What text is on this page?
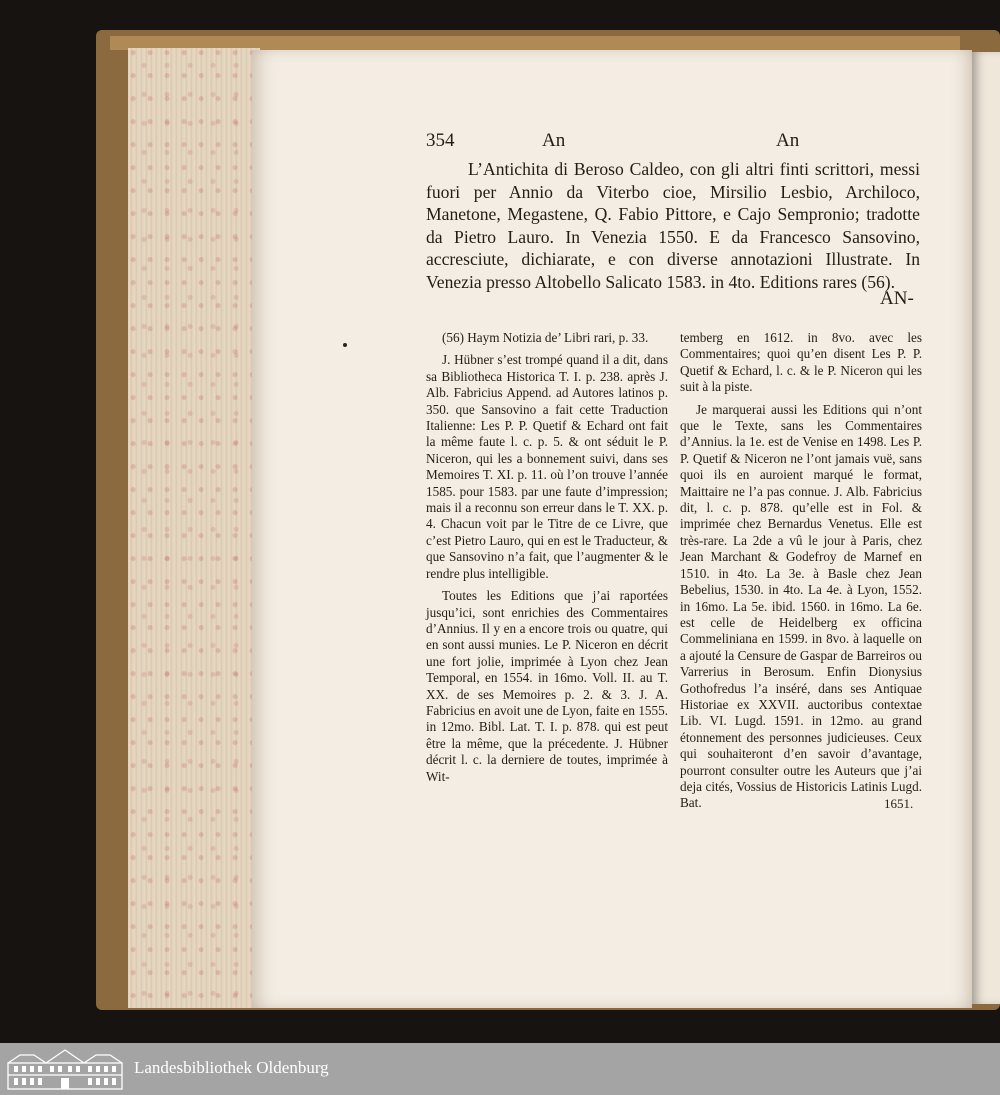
354	An	An

L’Antichita di Beroso Caldeo, con gli altri finti scrittori, messi fuori per Annio da Viterbo cioe, Mirsilio Lesbio, Archiloco, Manetone, Megastene, Q. Fabio Pittore, e Cajo Sempronio; tradotte da Pietro Lauro. In Venezia 1550. E da Francesco Sansovino, accresciute, dichiarate, e con diverse annotazioni Illustrate. In Venezia presso Altobello Salicato 1583. in 4to. Editions rares (56).

AN-

(56) Haym Notizia de’ Libri rari, p. 33.

J. Hübner s’est trompé quand il a dit, dans sa Bibliotheca Historica T. I. p. 238. après J. Alb. Fabricius Append. ad Autores latinos p. 350. que Sansovino a fait cette Traduction Italienne: Les P. P. Quetif & Echard ont fait la même faute l. c. p. 5. & ont séduit le P. Niceron, qui les a bonnement suivi, dans ses Memoires T. XI. p. 11. où l’on trouve l’année 1585. pour 1583. par une faute d’impression; mais il a reconnu son erreur dans le T. XX. p. 4. Chacun voit par le Titre de ce Livre, que c’est Pietro Lauro, qui en est le Traducteur, & que Sansovino n’a fait, que l’augmenter & le rendre plus intelligible.

Toutes les Editions que j’ai raportées jusqu’ici, sont enrichies des Commentaires d’Annius. Il y en a encore trois ou quatre, qui en sont aussi munies. Le P. Niceron en décrit une fort jolie, imprimée à Lyon chez Jean Temporal, en 1554. in 16mo. Voll. II. au T. XX. de ses Memoires p. 2. & 3. J. A. Fabricius en avoit une de Lyon, faite en 1555. in 12mo. Bibl. Lat. T. I. p. 878. qui est peut être la même, que la précedente. J. Hübner décrit l. c. la derniere de toutes, imprimée à Wit-

temberg en 1612. in 8vo. avec les Commentaires; quoi qu’en disent Les P. P. Quetif & Echard, l. c. & le P. Niceron qui les suit à la piste.

Je marquerai aussi les Editions qui n’ont que le Texte, sans les Commentaires d’Annius. la 1e. est de Venise en 1498. Les P. P. Quetif & Niceron ne l’ont jamais vuë, sans quoi ils en auroient marqué le format, Maittaire ne l’a pas connue. J. Alb. Fabricius dit, l. c. p. 878. qu’elle est in Fol. & imprimée chez Bernardus Venetus. Elle est très-rare. La 2de a vû le jour à Paris, chez Jean Marchant & Godefroy de Marnef en 1510. in 4to. La 3e. à Basle chez Jean Bebelius, 1530. in 4to. La 4e. à Lyon, 1552. in 16mo. La 5e. ibid. 1560. in 16mo. La 6e. est celle de Heidelberg ex officina Commeliniana en 1599. in 8vo. à laquelle on a ajouté la Censure de Gaspar de Barreiros ou Varrerius in Berosum. Enfin Dionysius Gothofredus l’a inséré, dans ses Antiquae Historiae ex XXVII. auctoribus contextae Lib. VI. Lugd. 1591. in 12mo. au grand étonnement des personnes judicieuses. Ceux qui souhaiteront d’en savoir d’avantage, pourront consulter outre les Auteurs que j’ai deja cités, Vossius de Historicis Latinis Lugd. Bat.	1651.
Landesbibliothek Oldenburg
